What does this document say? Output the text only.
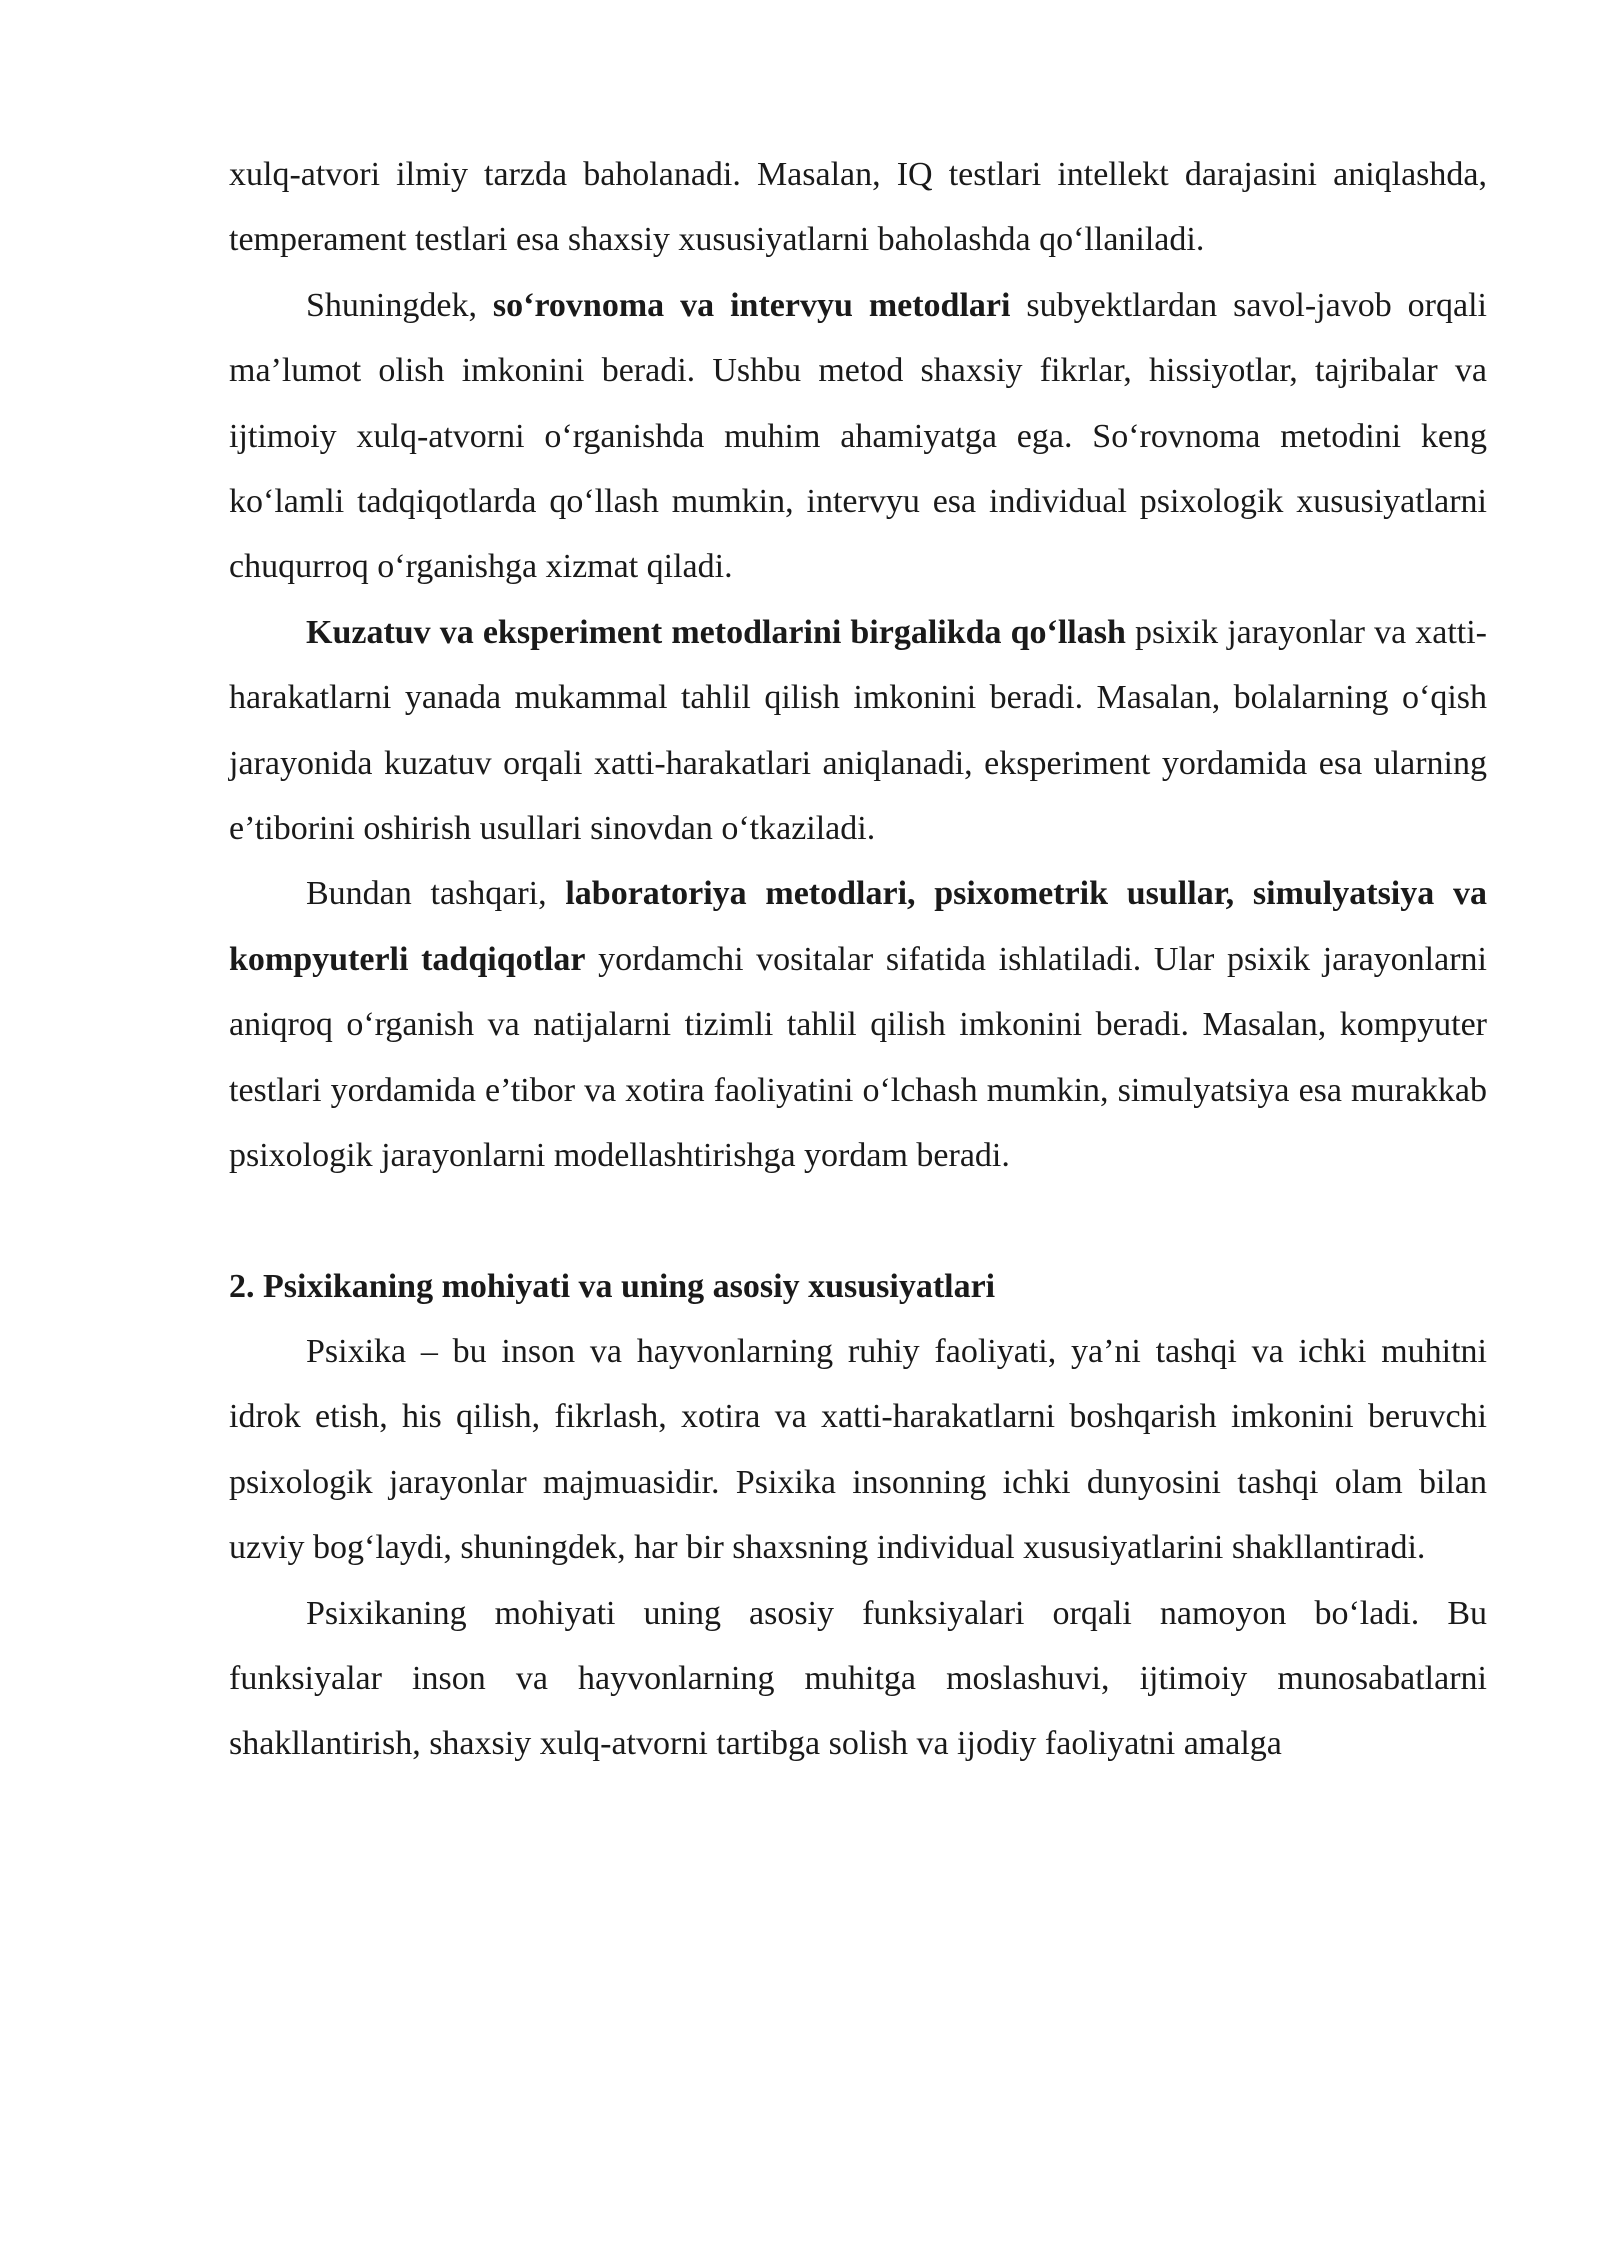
xulq-atvori ilmiy tarzda baholanadi. Masalan, IQ testlari intellekt darajasini aniqlashda, temperament testlari esa shaxsiy xususiyatlarni baholashda qo‘llaniladi.

Shuningdek, so‘rovnoma va intervyu metodlari subyektlardan savol-javob orqali ma’lumot olish imkonini beradi. Ushbu metod shaxsiy fikrlar, hissiyotlar, tajribalar va ijtimoiy xulq-atvorni o‘rganishda muhim ahamiyatga ega. So‘rovnoma metodini keng ko‘lamli tadqiqotlarda qo‘llash mumkin, intervyu esa individual psixologik xususiyatlarni chuqurroq o‘rganishga xizmat qiladi.

Kuzatuv va eksperiment metodlarini birgalikda qo‘llash psixik jarayonlar va xatti-harakatlarni yanada mukammal tahlil qilish imkonini beradi. Masalan, bolalarning o‘qish jarayonida kuzatuv orqali xatti-harakatlari aniqlanadi, eksperiment yordamida esa ularning e’tiborini oshirish usullari sinovdan o‘tkaziladi.

Bundan tashqari, laboratoriya metodlari, psixometrik usullar, simulyatsiya va kompyuterli tadqiqotlar yordamchi vositalar sifatida ishlatiladi. Ular psixik jarayonlarni aniqroq o‘rganish va natijalarni tizimli tahlil qilish imkonini beradi. Masalan, kompyuter testlari yordamida e’tibor va xotira faoliyatini o‘lchash mumkin, simulyatsiya esa murakkab psixologik jarayonlarni modellashtirishga yordam beradi.

2. Psixikaning mohiyati va uning asosiy xususiyatlari

Psixika – bu inson va hayvonlarning ruhiy faoliyati, ya’ni tashqi va ichki muhitni idrok etish, his qilish, fikrlash, xotira va xatti-harakatlarni boshqarish imkonini beruvchi psixologik jarayonlar majmuasidir. Psixika insonning ichki dunyosini tashqi olam bilan uzviy bog‘laydi, shuningdek, har bir shaxsning individual xususiyatlarini shakllantiradi.

Psixikaning mohiyati uning asosiy funksiyalari orqali namoyon bo‘ladi. Bu funksiyalar inson va hayvonlarning muhitga moslashuvi, ijtimoiy munosabatlarni shakllantirish, shaxsiy xulq-atvorni tartibga solish va ijodiy faoliyatni amalga
